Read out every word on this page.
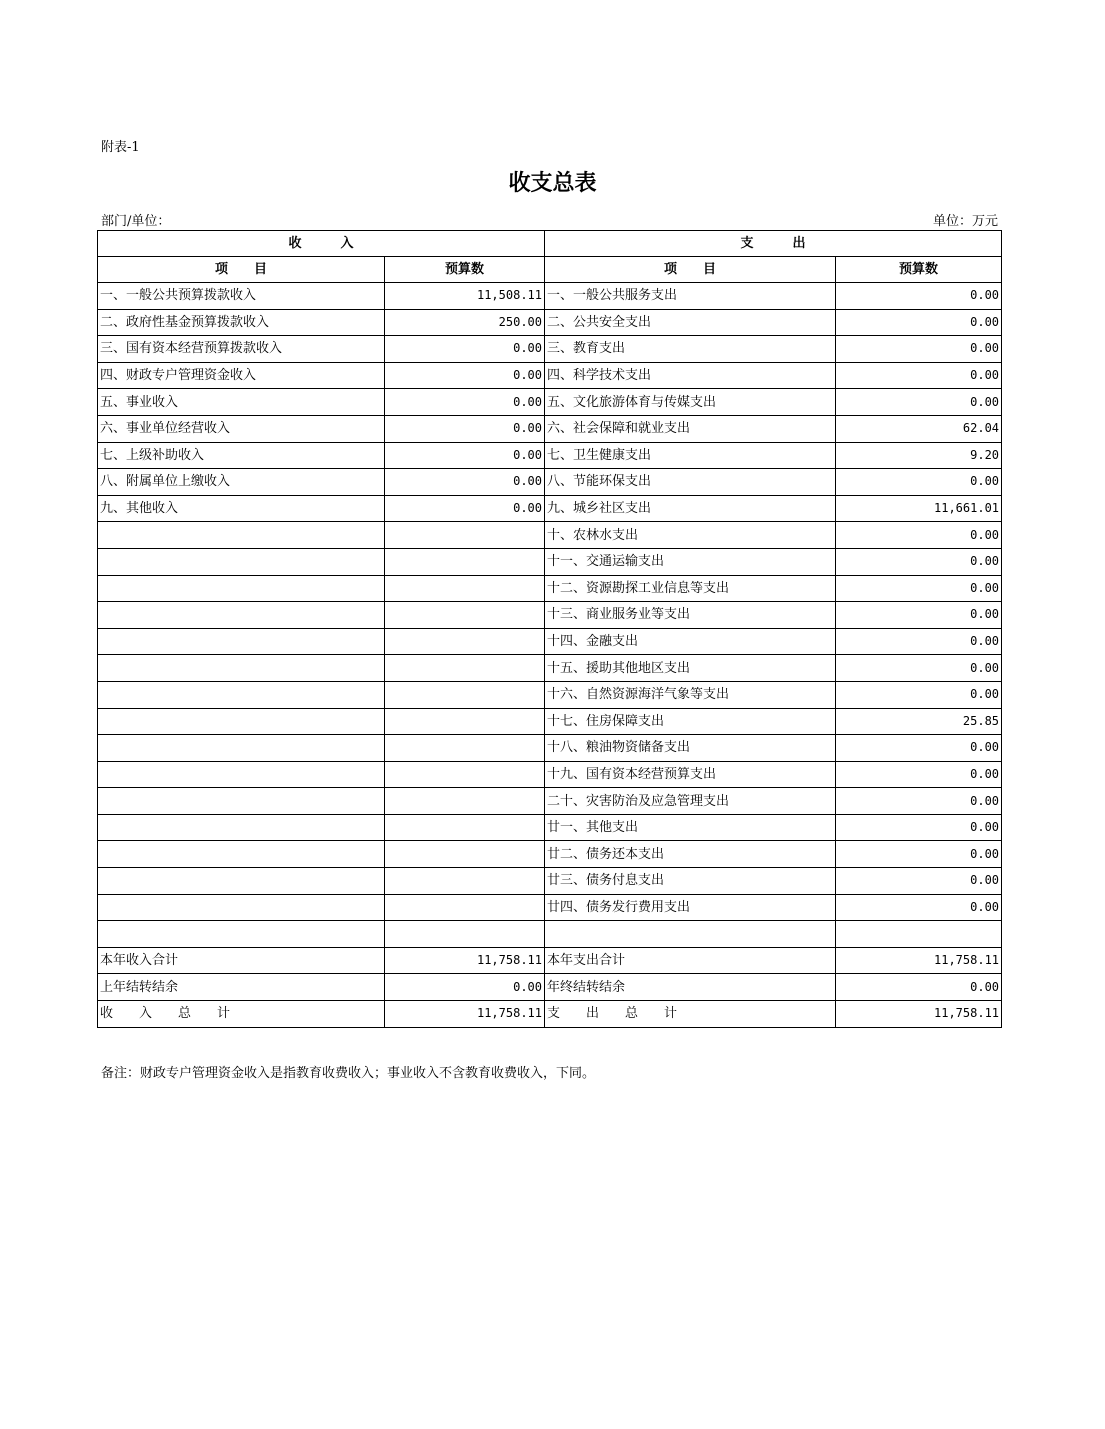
附表-1
收支总表
部门/单位：	单位：万元
收　　　入		支　　　出	
项　　目	预算数	项　　目	预算数
一、一般公共预算拨款收入	11,508.11	一、一般公共服务支出	0.00
二、政府性基金预算拨款收入	250.00	二、公共安全支出	0.00
三、国有资本经营预算拨款收入	0.00	三、教育支出	0.00
四、财政专户管理资金收入	0.00	四、科学技术支出	0.00
五、事业收入	0.00	五、文化旅游体育与传媒支出	0.00
六、事业单位经营收入	0.00	六、社会保障和就业支出	62.04
七、上级补助收入	0.00	七、卫生健康支出	9.20
八、附属单位上缴收入	0.00	八、节能环保支出	0.00
九、其他收入	0.00	九、城乡社区支出	11,661.01
		十、农林水支出	0.00
		十一、交通运输支出	0.00
		十二、资源勘探工业信息等支出	0.00
		十三、商业服务业等支出	0.00
		十四、金融支出	0.00
		十五、援助其他地区支出	0.00
		十六、自然资源海洋气象等支出	0.00
		十七、住房保障支出	25.85
		十八、粮油物资储备支出	0.00
		十九、国有资本经营预算支出	0.00
		二十、灾害防治及应急管理支出	0.00
		廿一、其他支出	0.00
		廿二、债务还本支出	0.00
		廿三、债务付息支出	0.00
		廿四、债务发行费用支出	0.00

本年收入合计	11,758.11	本年支出合计	11,758.11
上年结转结余	0.00	年终结转结余	0.00
收　　入　　总　　计	11,758.11	支　　出　　总　　计	11,758.11
备注：财政专户管理资金收入是指教育收费收入；事业收入不含教育收费收入，下同。
